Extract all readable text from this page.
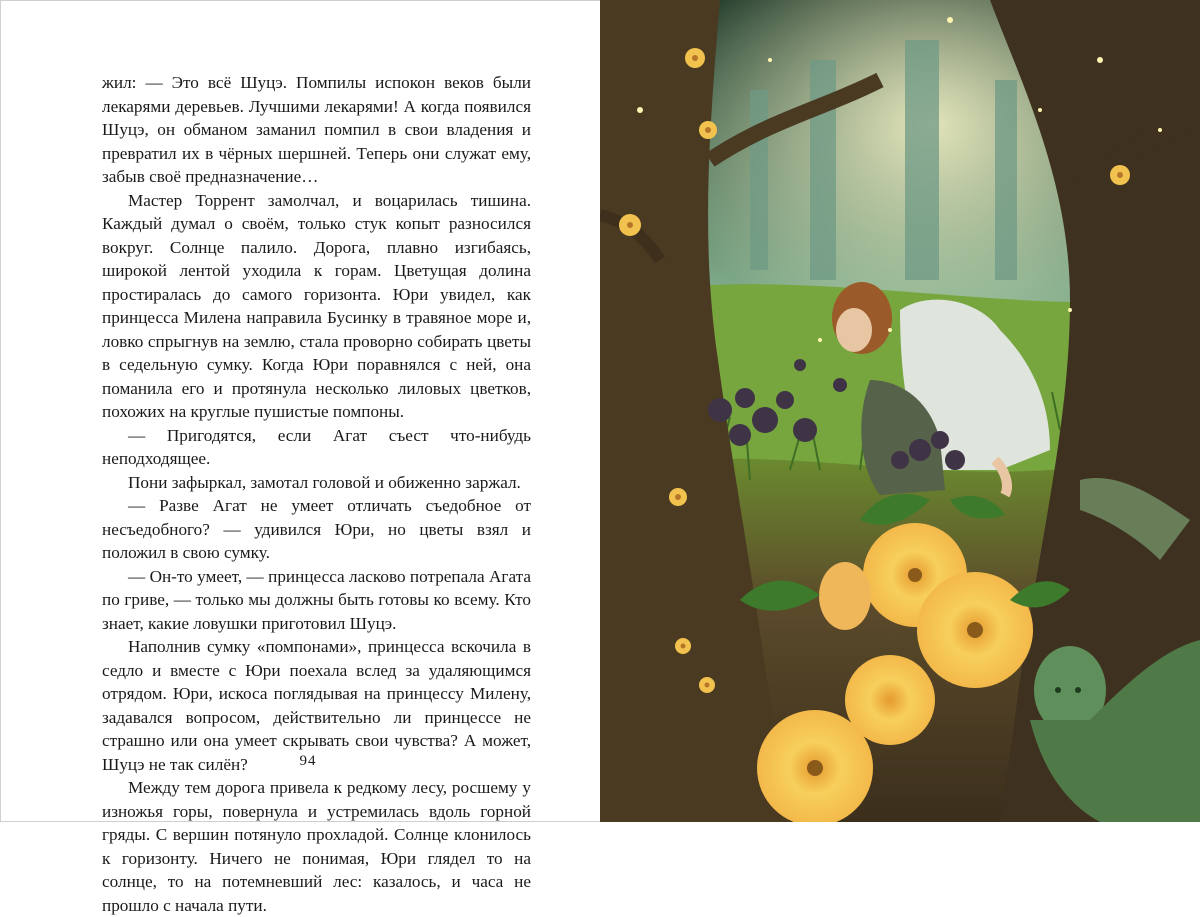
жил: — Это всё Шуцэ. Помпилы испокон веков были лекарями деревьев. Лучшими лекарями! А когда появился Шуцэ, он обманом заманил помпил в свои владения и превратил их в чёрных шершней. Теперь они служат ему, забыв своё предназначение…

Мастер Торрент замолчал, и воцарилась тишина. Каждый думал о своём, только стук копыт разносился вокруг. Солнце палило. Дорога, плавно изгибаясь, широкой лентой уходила к горам. Цветущая долина простиралась до самого горизонта. Юри увидел, как принцесса Милена направила Бусинку в травяное море и, ловко спрыгнув на землю, стала проворно собирать цветы в седельную сумку. Когда Юри поравнялся с ней, она поманила его и протянула несколько лиловых цветков, похожих на круглые пушистые помпоны.

— Пригодятся, если Агат съест что-нибудь неподходящее.

Пони зафыркал, замотал головой и обиженно заржал.

— Разве Агат не умеет отличать съедобное от несъедобного? — удивился Юри, но цветы взял и положил в свою сумку.

— Он-то умеет, — принцесса ласково потрепала Агата по гриве, — только мы должны быть готовы ко всему. Кто знает, какие ловушки приготовил Шуцэ.

Наполнив сумку «помпонами», принцесса вскочила в седло и вместе с Юри поехала вслед за удаляющимся отрядом. Юри, искоса поглядывая на принцессу Милену, задавался вопросом, действительно ли принцессе не страшно или она умеет скрывать свои чувства? А может, Шуцэ не так силён?

Между тем дорога привела к редкому лесу, росшему у изножья горы, повернула и устремилась вдоль горной гряды. С вершин потянуло прохладой. Солнце клонилось к горизонту. Ничего не понимая, Юри глядел то на солнце, то на потемневший лес: казалось, и часа не прошло с начала пути.

94
